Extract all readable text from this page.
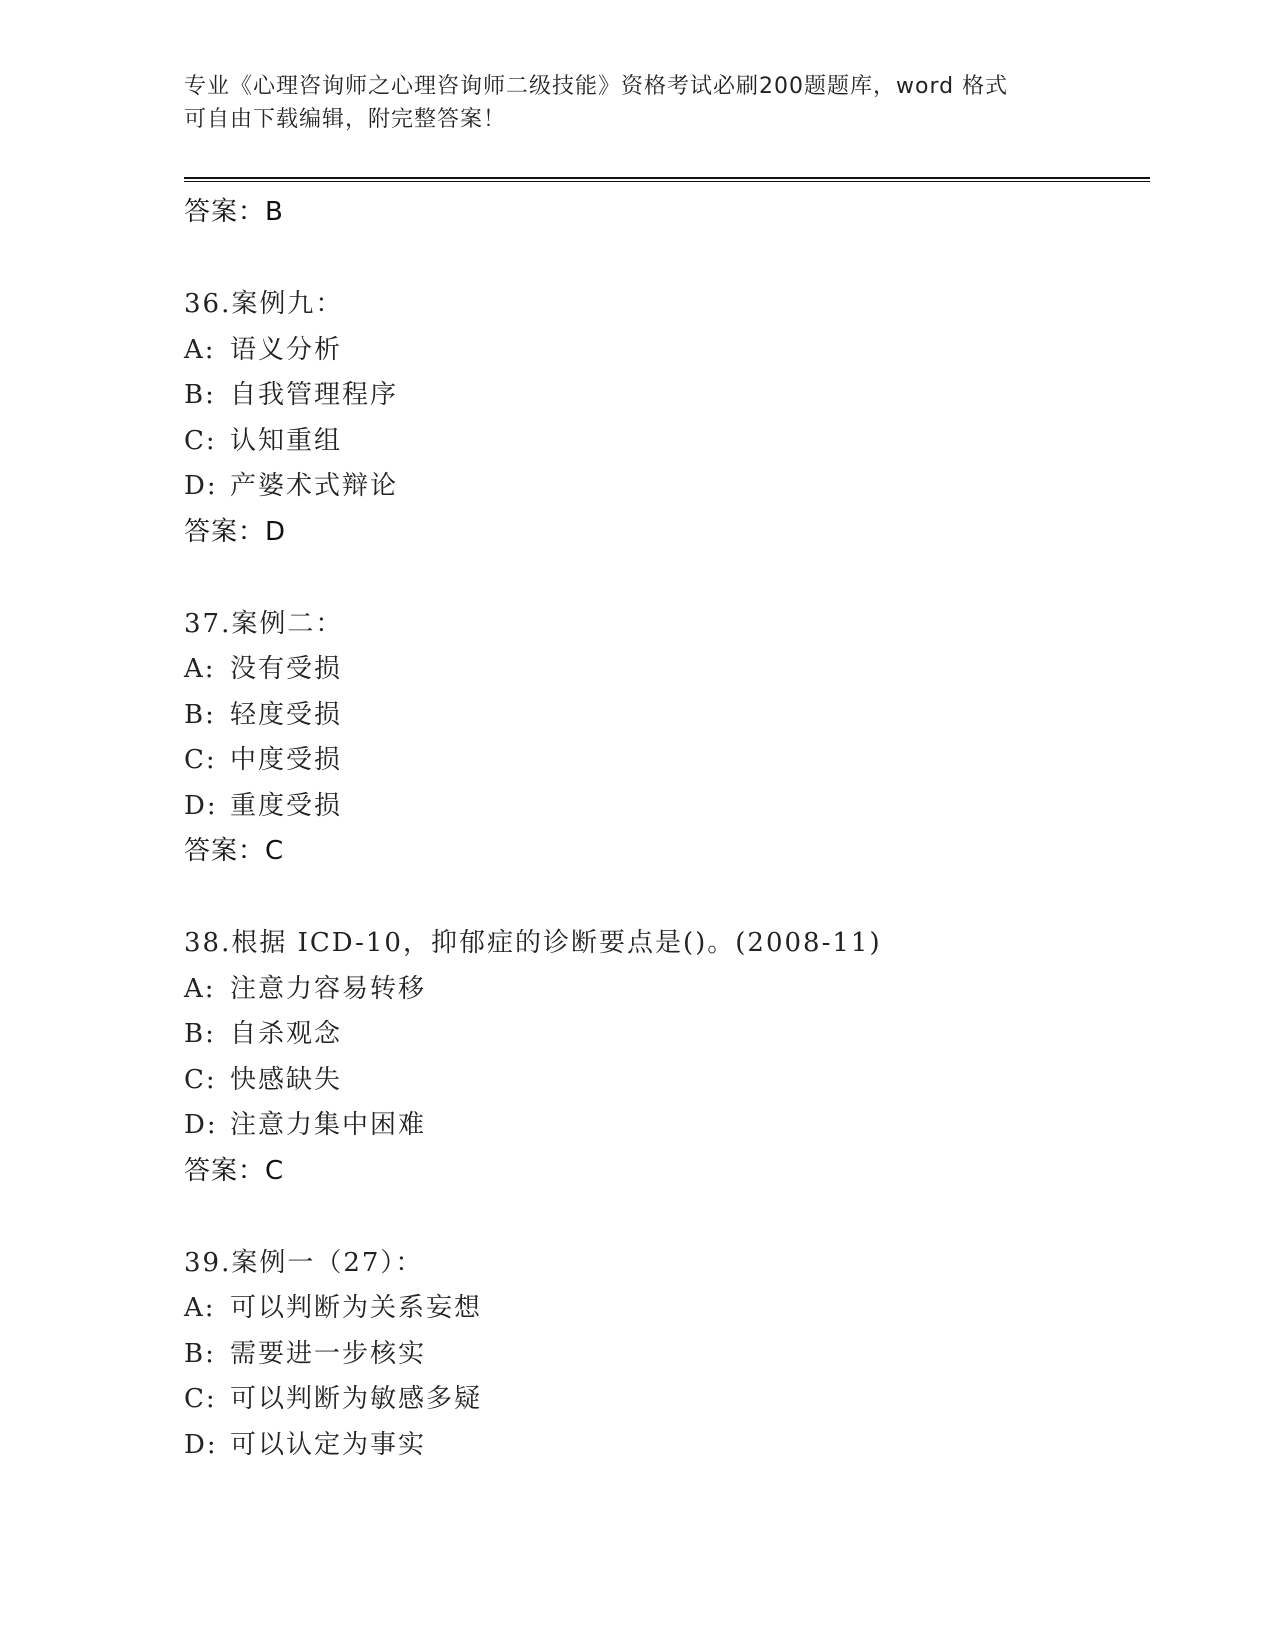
专业《心理咨询师之心理咨询师二级技能》资格考试必刷200题题库，word 格式
可自由下载编辑，附完整答案！
答案：B
36.案例九：
A: 语义分析
B: 自我管理程序
C: 认知重组
D: 产婆术式辩论
答案：D
37.案例二：
A: 没有受损
B: 轻度受损
C: 中度受损
D: 重度受损
答案：C
38.根据 ICD-10，抑郁症的诊断要点是()。(2008-11)
A: 注意力容易转移
B: 自杀观念
C: 快感缺失
D: 注意力集中困难
答案：C
39.案例一（27）：
A: 可以判断为关系妄想
B: 需要进一步核实
C: 可以判断为敏感多疑
D: 可以认定为事实
